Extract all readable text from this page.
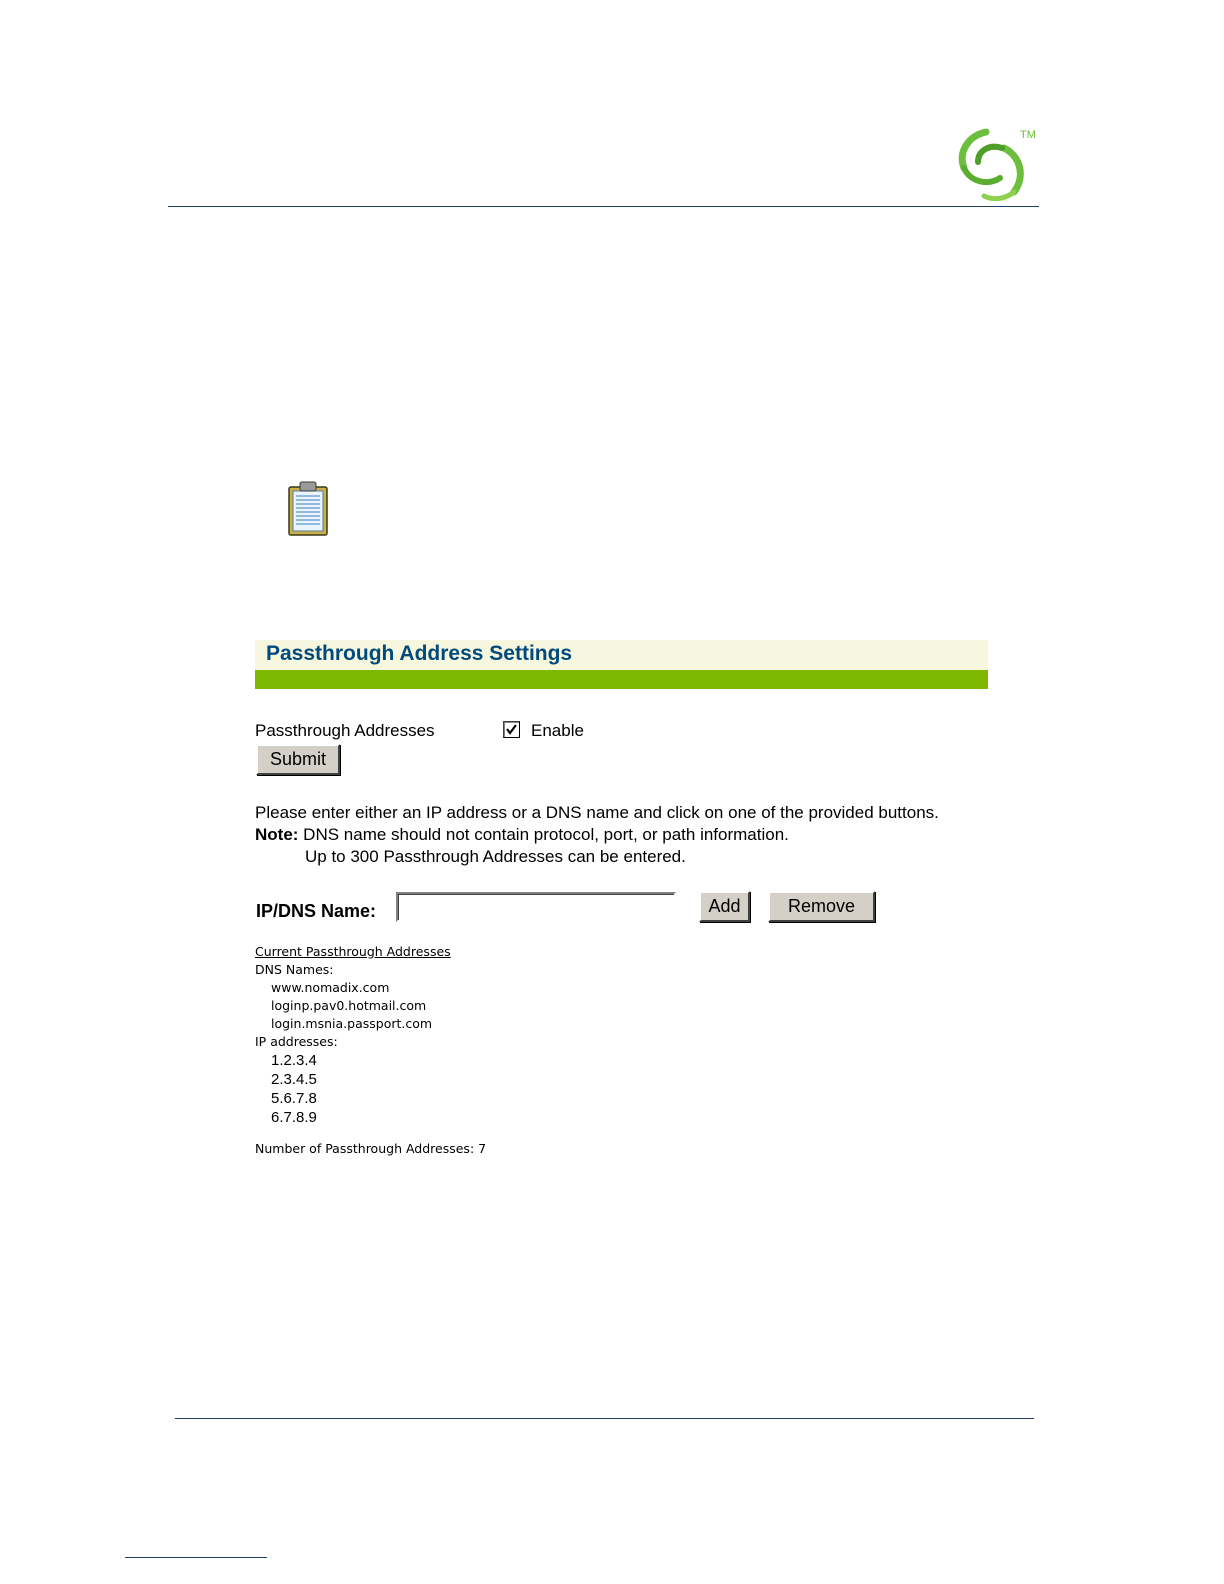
TM
Passthrough Address Settings
Passthrough Addresses	Enable
Submit
Please enter either an IP address or a DNS name and click on one of the provided buttons.
Note: DNS name should not contain protocol, port, or path information.
Up to 300 Passthrough Addresses can be entered.
IP/DNS Name:	Add	Remove
Current Passthrough Addresses
DNS Names:
www.nomadix.com
loginp.pav0.hotmail.com
login.msnia.passport.com
IP addresses:
1.2.3.4
2.3.4.5
5.6.7.8
6.7.8.9
Number of Passthrough Addresses: 7
